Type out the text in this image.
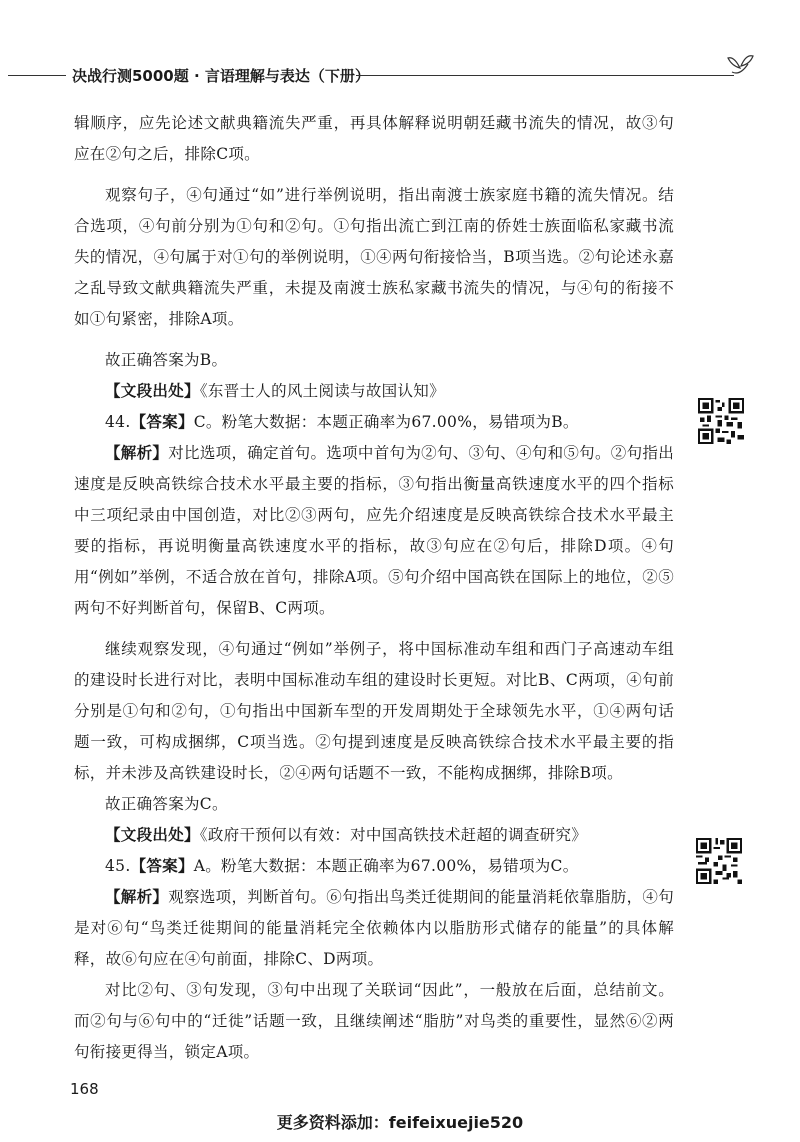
决战行测5000题 · 言语理解与表达（下册）

辑顺序，应先论述文献典籍流失严重，再具体解释说明朝廷藏书流失的情况，故③句应在②句之后，排除C项。

观察句子，④句通过“如”进行举例说明，指出南渡士族家庭书籍的流失情况。结合选项，④句前分别为①句和②句。①句指出流亡到江南的侨姓士族面临私家藏书流失的情况，④句属于对①句的举例说明，①④两句衔接恰当，B项当选。②句论述永嘉之乱导致文献典籍流失严重，未提及南渡士族私家藏书流失的情况，与④句的衔接不如①句紧密，排除A项。

故正确答案为B。

【文段出处】《东晋士人的风土阅读与故国认知》

44.【答案】C。粉笔大数据：本题正确率为67.00%，易错项为B。

【解析】对比选项，确定首句。选项中首句为②句、③句、④句和⑤句。②句指出速度是反映高铁综合技术水平最主要的指标，③句指出衡量高铁速度水平的四个指标中三项纪录由中国创造，对比②③两句，应先介绍速度是反映高铁综合技术水平最主要的指标，再说明衡量高铁速度水平的指标，故③句应在②句后，排除D项。④句用“例如”举例，不适合放在首句，排除A项。⑤句介绍中国高铁在国际上的地位，②⑤两句不好判断首句，保留B、C两项。

继续观察发现，④句通过“例如”举例子，将中国标准动车组和西门子高速动车组的建设时长进行对比，表明中国标准动车组的建设时长更短。对比B、C两项，④句前分别是①句和②句，①句指出中国新车型的开发周期处于全球领先水平，①④两句话题一致，可构成捆绑，C项当选。②句提到速度是反映高铁综合技术水平最主要的指标，并未涉及高铁建设时长，②④两句话题不一致，不能构成捆绑，排除B项。

故正确答案为C。

【文段出处】《政府干预何以有效：对中国高铁技术赶超的调查研究》

45.【答案】A。粉笔大数据：本题正确率为67.00%，易错项为C。

【解析】观察选项，判断首句。⑥句指出鸟类迁徙期间的能量消耗依靠脂肪，④句是对⑥句“鸟类迁徙期间的能量消耗完全依赖体内以脂肪形式储存的能量”的具体解释，故⑥句应在④句前面，排除C、D两项。

对比②句、③句发现，③句中出现了关联词“因此”，一般放在后面，总结前文。而②句与⑥句中的“迁徙”话题一致，且继续阐述“脂肪”对鸟类的重要性，显然⑥②两句衔接更得当，锁定A项。

168
更多资料添加：feifeixuejie520
